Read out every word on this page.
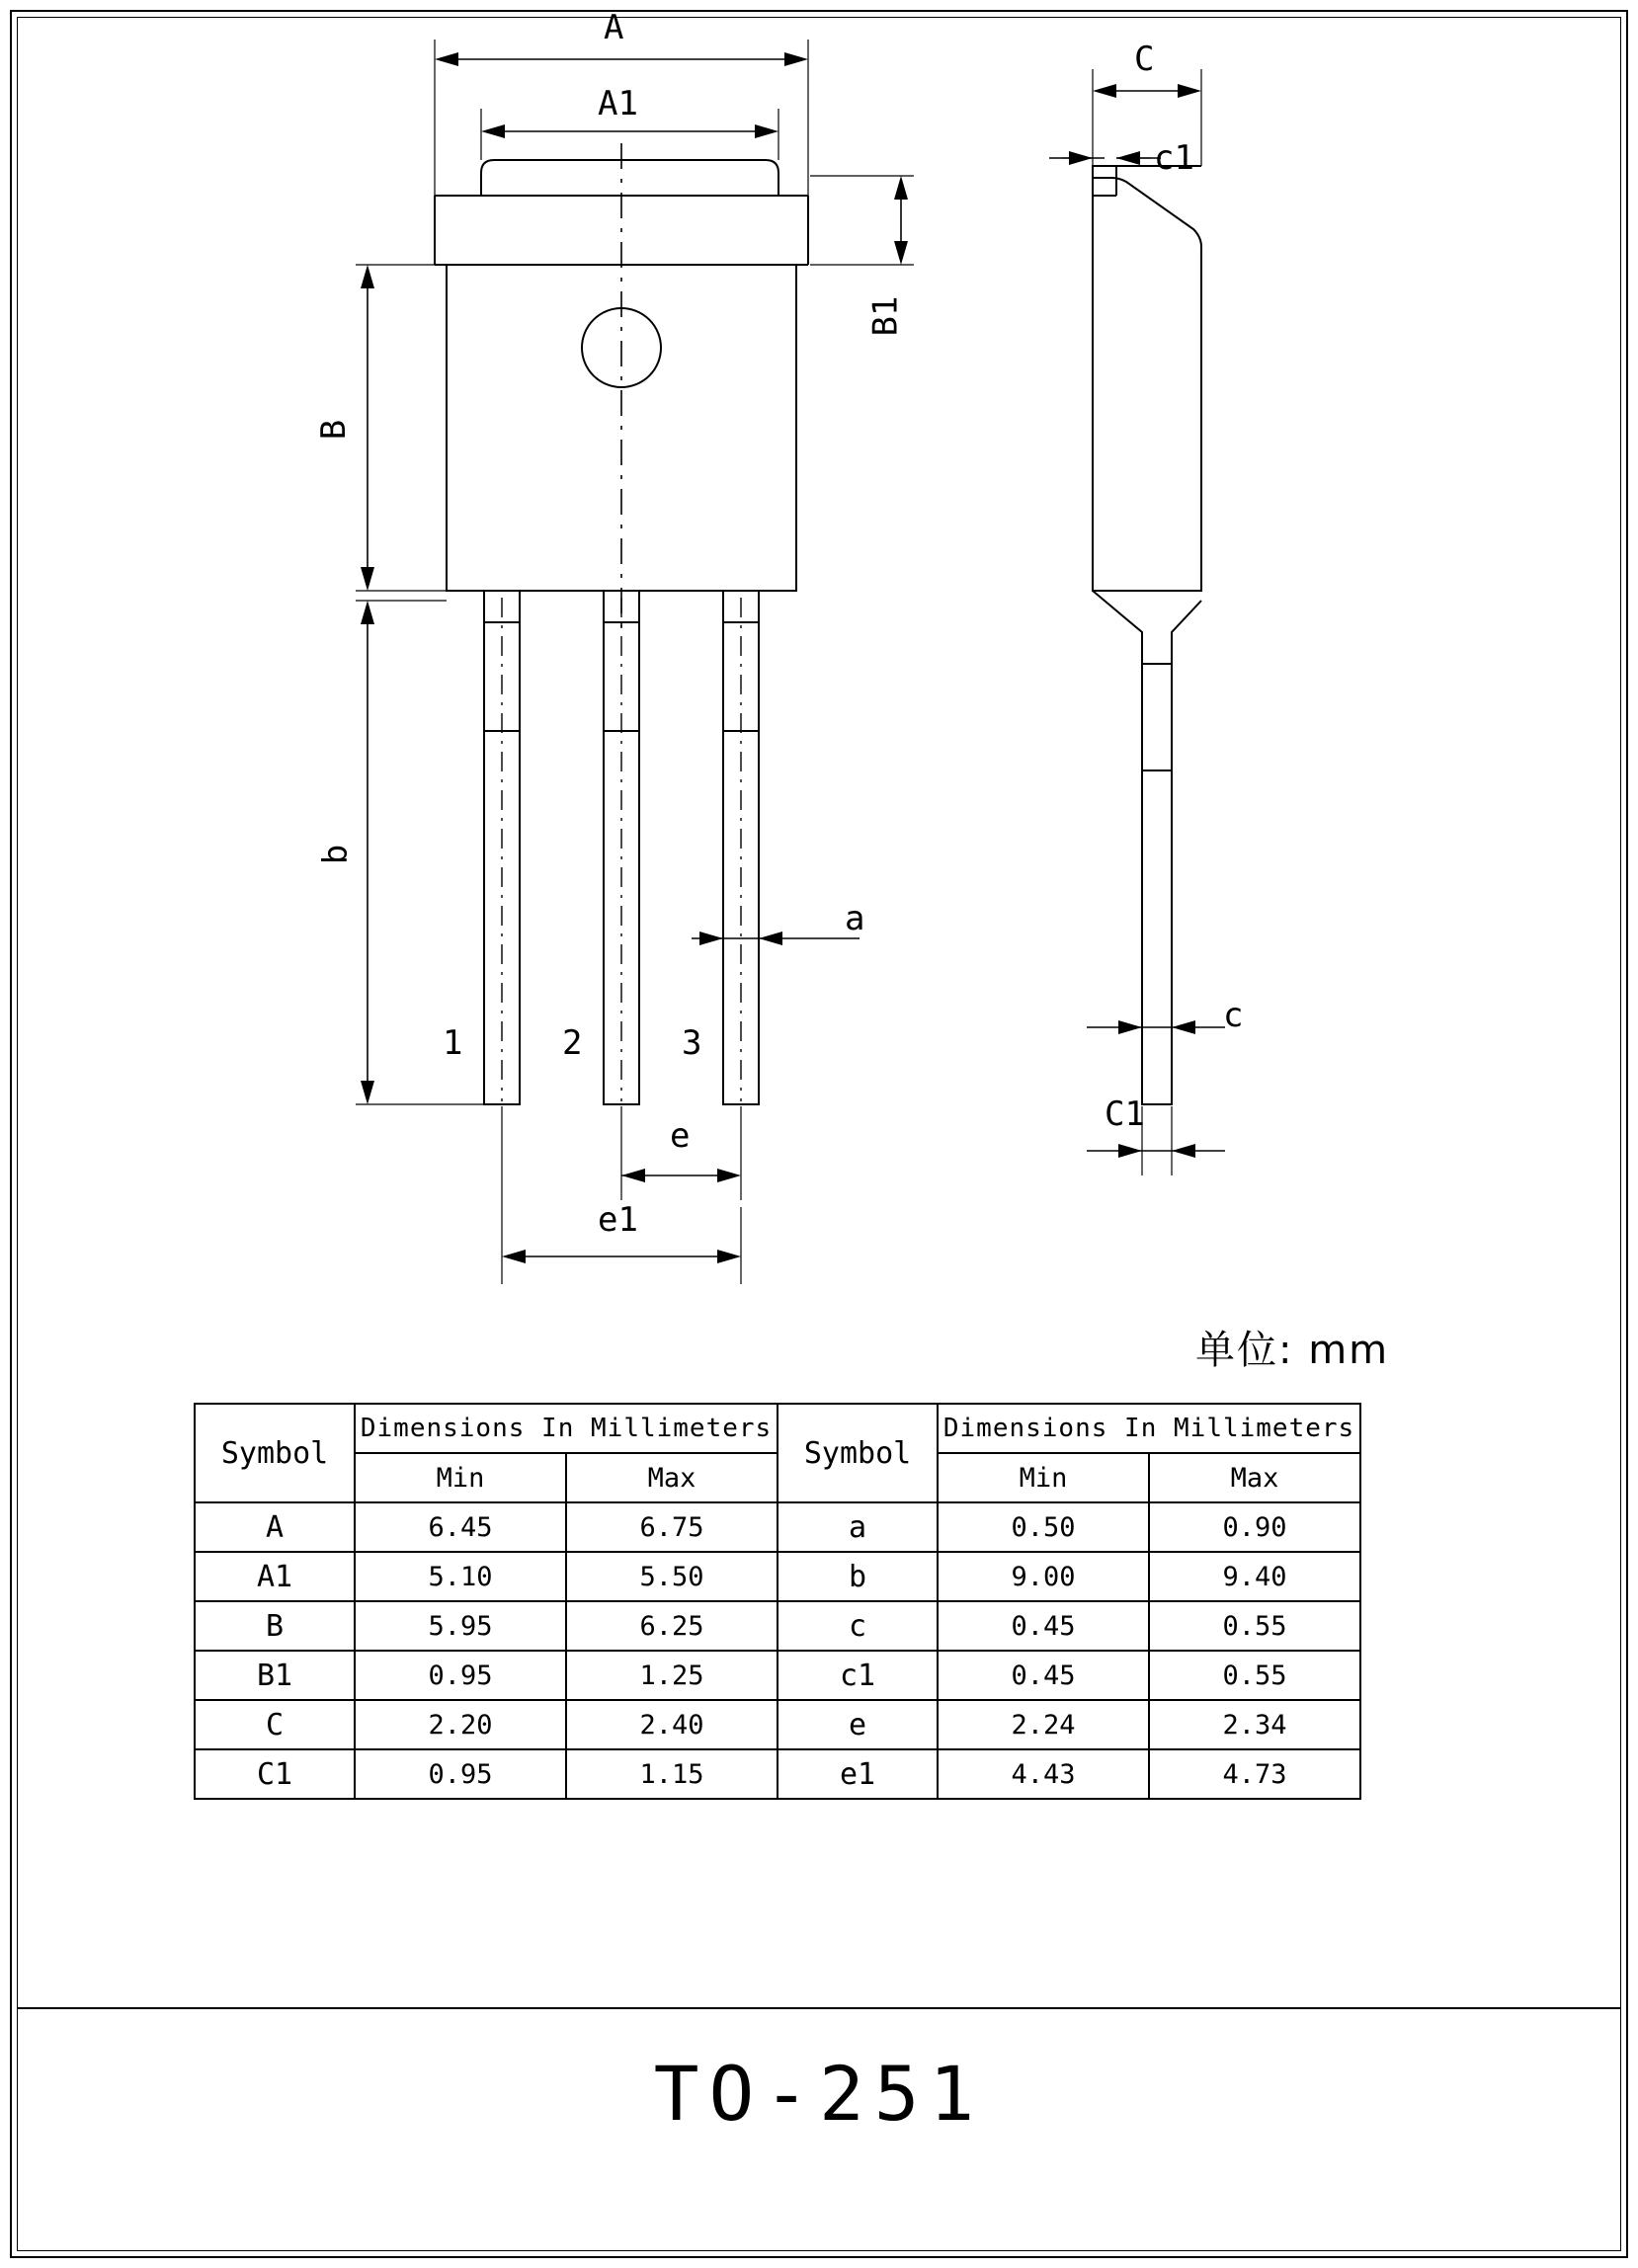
A
A1
B
B1
b
a
e
e1
1	2	3
C
c1
c
C1
单位: mm
Symbol	Dimensions In Millimeters		Symbol	Dimensions In Millimeters	
	Min	Max		Min	Max
A	6.45	6.75	a	0.50	0.90
A1	5.10	5.50	b	9.00	9.40
B	5.95	6.25	c	0.45	0.55
B1	0.95	1.25	c1	0.45	0.55
C	2.20	2.40	e	2.24	2.34
C1	0.95	1.15	e1	4.43	4.73
TO-251
